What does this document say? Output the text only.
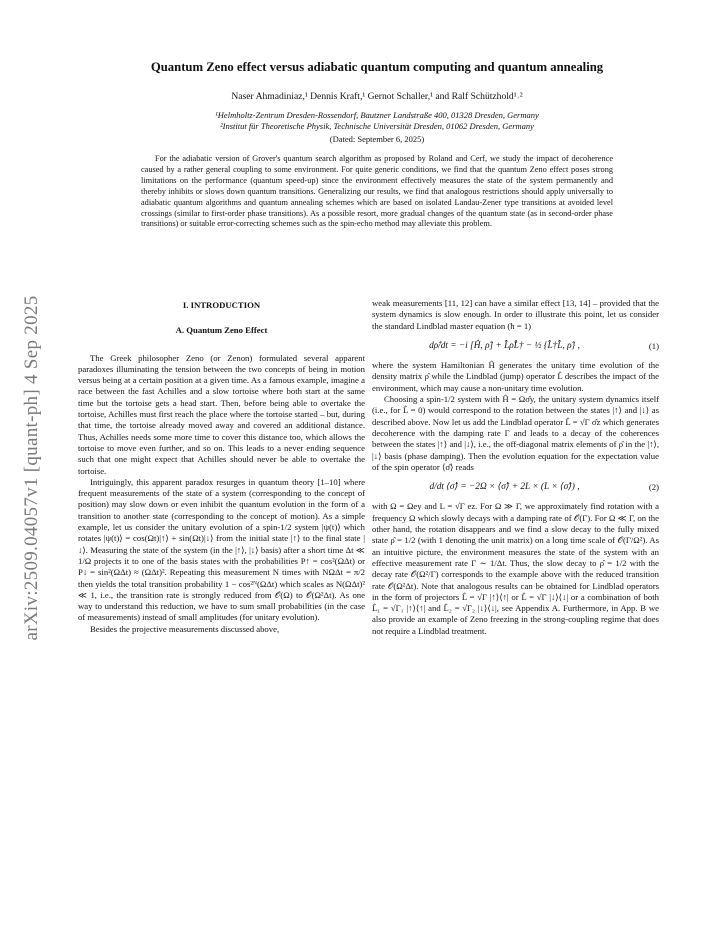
arXiv:2509.04057v1 [quant-ph] 4 Sep 2025
Quantum Zeno effect versus adiabatic quantum computing and quantum annealing
Naser Ahmadiniaz,¹ Dennis Kraft,¹ Gernot Schaller,¹ and Ralf Schützhold¹˒²
¹Helmholtz-Zentrum Dresden-Rossendorf, Bautzner Landstraße 400, 01328 Dresden, Germany
²Institut für Theoretische Physik, Technische Universität Dresden, 01062 Dresden, Germany
(Dated: September 6, 2025)
For the adiabatic version of Grover's quantum search algorithm as proposed by Roland and Cerf, we study the impact of decoherence caused by a rather general coupling to some environment. For quite generic conditions, we find that the quantum Zeno effect poses strong limitations on the performance (quantum speed-up) since the environment effectively measures the state of the system permanently and thereby inhibits or slows down quantum transitions. Generalizing our results, we find that analogous restrictions should apply universally to adiabatic quantum algorithms and quantum annealing schemes which are based on isolated Landau-Zener type transitions at avoided level crossings (similar to first-order phase transitions). As a possible resort, more gradual changes of the quantum state (as in second-order phase transitions) or suitable error-correcting schemes such as the spin-echo method may alleviate this problem.
I. INTRODUCTION
A. Quantum Zeno Effect

The Greek philosopher Zeno (or Zenon) formulated several apparent paradoxes illuminating the tension between the two concepts of being in motion versus being at a certain position at a given time. As a famous example, imagine a race between the fast Achilles and a slow tortoise where both start at the same time but the tortoise gets a head start. Then, before being able to overtake the tortoise, Achilles must first reach the place where the tortoise started – but, during that time, the tortoise already moved away and covered an additional distance. Thus, Achilles needs some more time to cover this distance too, which allows the tortoise to move even further, and so on. This leads to a never ending sequence such that one might expect that Achilles should never be able to overtake the tortoise.

Intriguingly, this apparent paradox resurges in quantum theory [1–10] where frequent measurements of the state of a system (corresponding to the concept of position) may slow down or even inhibit the quantum evolution in the form of a transition to another state (corresponding to the concept of motion). As a simple example, let us consider the unitary evolution of a spin-1/2 system |ψ(t)⟩ which rotates |ψ(t)⟩ = cos(Ωt)|↑⟩ + sin(Ωt)|↓⟩ from the initial state |↑⟩ to the final state |↓⟩. Measuring the state of the system (in the |↑⟩, |↓⟩ basis) after a short time Δt ≪ 1/Ω projects it to one of the basis states with the probabilities P↑ = cos²(ΩΔt) or P↓ = sin²(ΩΔt) ≈ (ΩΔt)². Repeating this measurement N times with NΩΔt = π/2 then yields the total transition probability 1 − cos²ᴺ(ΩΔt) which scales as N(ΩΔt)² ≪ 1, i.e., the transition rate is strongly reduced from 𝒪(Ω) to 𝒪(Ω²Δt). As one way to understand this reduction, we have to sum small probabilities (in the case of measurements) instead of small amplitudes (for unitary evolution).

Besides the projective measurements discussed above,

weak measurements [11, 12] can have a similar effect [13, 14] – provided that the system dynamics is slow enough. In order to illustrate this point, let us consider the standard Lindblad master equation (ħ = 1)

dρ̂/dt = −i [Ĥ, ρ̂] + L̂ρ̂L̂† − ½ {L̂†L̂, ρ̂} ,	(1)

where the system Hamiltonian Ĥ generates the unitary time evolution of the density matrix ρ̂ while the Lindblad (jump) operator L̂ describes the impact of the environment, which may cause a non-unitary time evolution.

Choosing a spin-1/2 system with Ĥ = Ωσ̂y, the unitary system dynamics itself (i.e., for L̂ = 0) would correspond to the rotation between the states |↑⟩ and |↓⟩ as described above. Now let us add the Lindblad operator L̂ = √Γ σ̂z which generates decoherence with the damping rate Γ and leads to a decay of the coherences between the states |↑⟩ and |↓⟩, i.e., the off-diagonal matrix elements of ρ̂ in the |↑⟩, |↓⟩ basis (phase damping). Then the evolution equation for the expectation value of the spin operator ⟨σ̂⟩ reads

d/dt ⟨σ̂⟩ = −2Ω × ⟨σ̂⟩ + 2L × (L × ⟨σ̂⟩) ,	(2)

with Ω = Ωey and L = √Γ ez. For Ω ≫ Γ, we approximately find rotation with a frequency Ω which slowly decays with a damping rate of 𝒪(Γ). For Ω ≪ Γ, on the other hand, the rotation disappears and we find a slow decay to the fully mixed state ρ̂ = 1/2 (with 1 denoting the unit matrix) on a long time scale of 𝒪(Γ/Ω²). As an intuitive picture, the environment measures the state of the system with an effective measurement rate Γ ∼ 1/Δt. Thus, the slow decay to ρ̂ = 1/2 with the decay rate 𝒪(Ω²/Γ) corresponds to the example above with the reduced transition rate 𝒪(Ω²Δt). Note that analogous results can be obtained for Lindblad operators in the form of projectors L̂ = √Γ |↑⟩⟨↑| or L̂ = √Γ |↓⟩⟨↓| or a combination of both L̂₁ = √Γ₁ |↑⟩⟨↑| and L̂₂ = √Γ₂ |↓⟩⟨↓|, see Appendix A. Furthermore, in App. B we also provide an example of Zeno freezing in the strong-coupling regime that does not require a Lindblad treatment.
